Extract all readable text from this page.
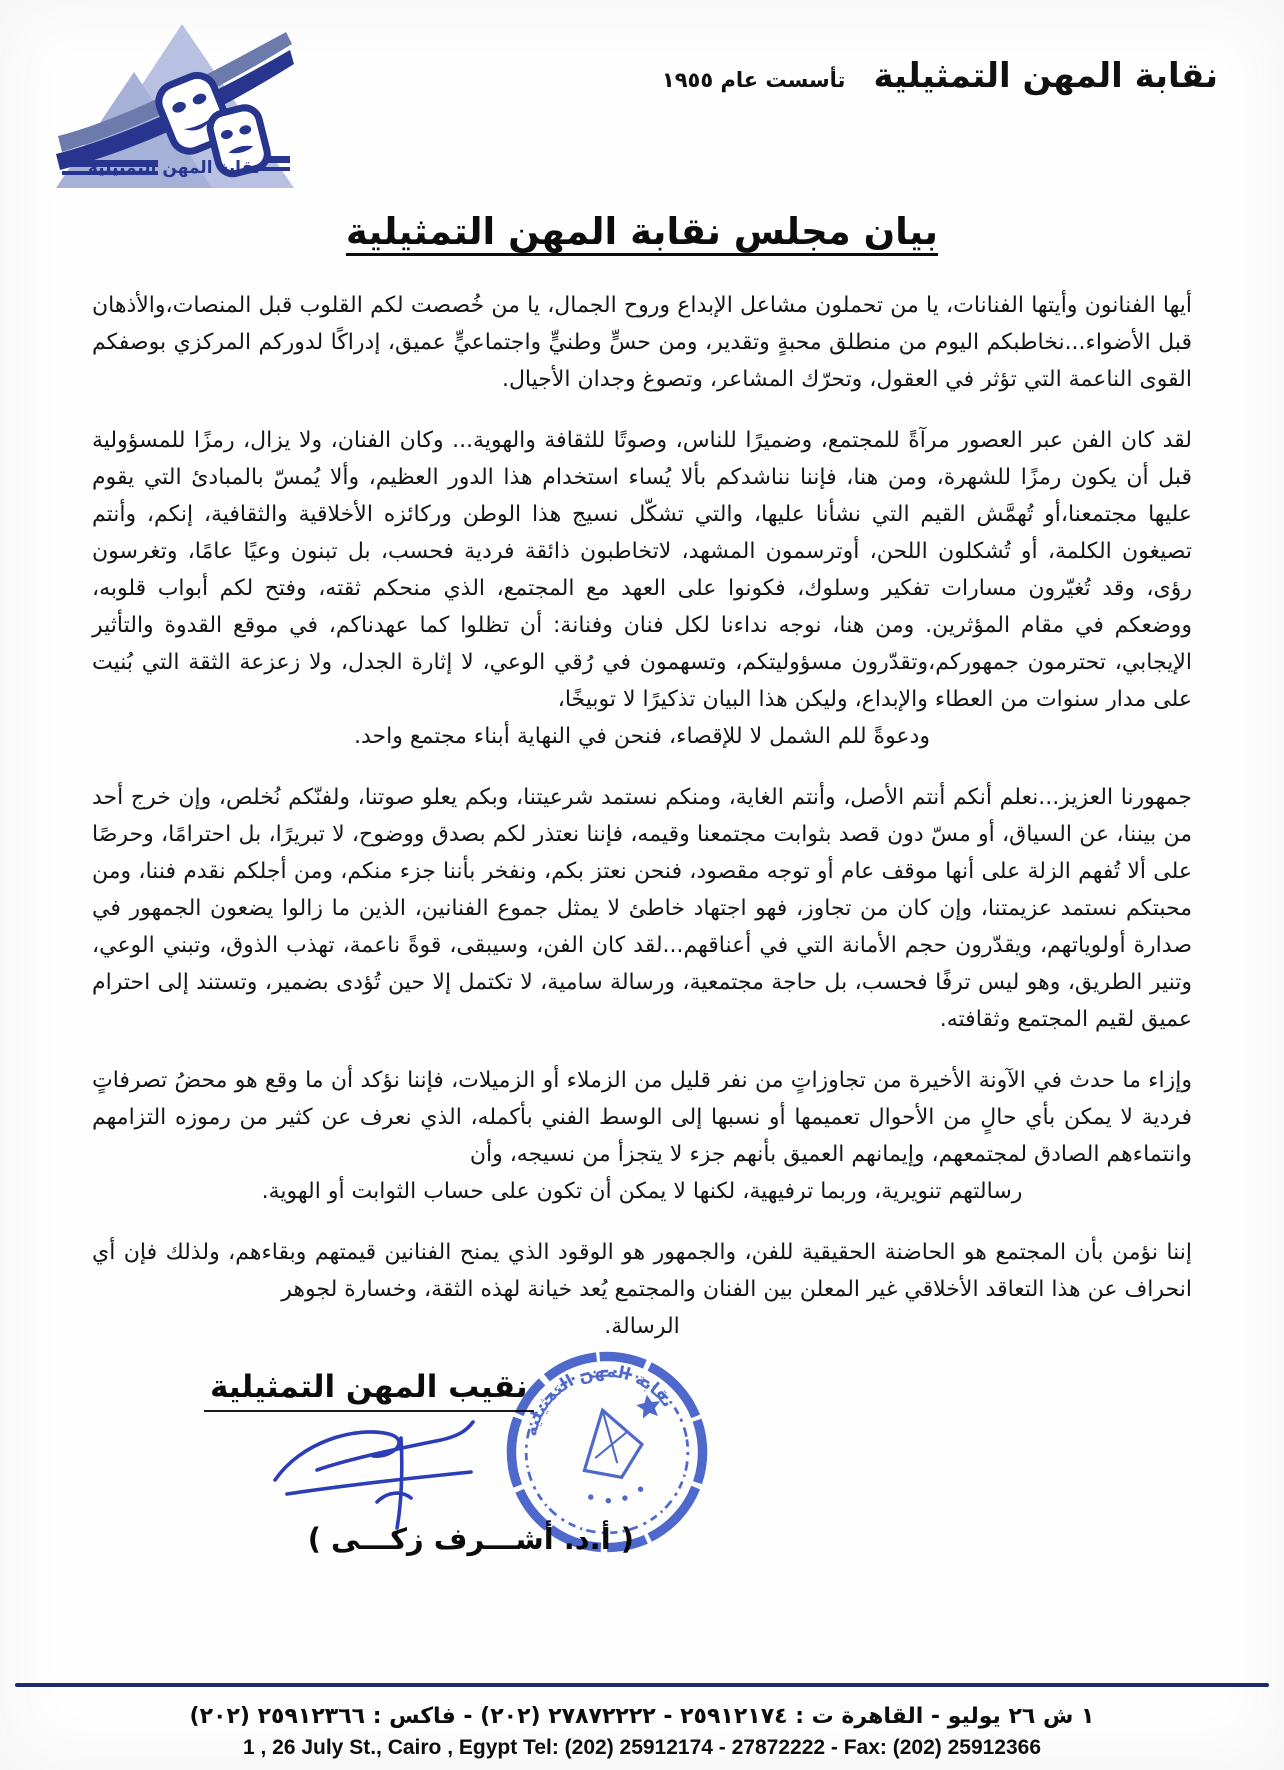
نقابة المهن التمثيلية
نقابة المهن التمثيلية
تأسست عام ١٩٥٥
بيان مجلس نقابة المهن التمثيلية
أيها الفنانون وأيتها الفنانات، يا من تحملون مشاعل الإبداع وروح الجمال، يا من خُصصت لكم القلوب قبل المنصات،والأذهان قبل الأضواء...نخاطبكم اليوم من منطلق محبةٍ وتقدير، ومن حسٍّ وطنيٍّ واجتماعيٍّ عميق، إدراكًا لدوركم المركزي بوصفكم القوى الناعمة التي تؤثر في العقول، وتحرّك المشاعر، وتصوغ وجدان الأجيال.
لقد كان الفن عبر العصور مرآةً للمجتمع، وضميرًا للناس، وصوتًا للثقافة والهوية... وكان الفنان، ولا يزال، رمزًا للمسؤولية قبل أن يكون رمزًا للشهرة، ومن هنا، فإننا نناشدكم بألا يُساء استخدام هذا الدور العظيم، وألا يُمسّ بالمبادئ التي يقوم عليها مجتمعنا،أو تُهمَّش القيم التي نشأنا عليها، والتي تشكّل نسيج هذا الوطن وركائزه الأخلاقية والثقافية، إنكم، وأنتم تصيغون الكلمة، أو تُشكلون اللحن، أوترسمون المشهد، لاتخاطبون ذائقة فردية فحسب، بل تبنون وعيًا عامًا، وتغرسون رؤى، وقد تُغيّرون مسارات تفكير وسلوك، فكونوا على العهد مع المجتمع، الذي منحكم ثقته، وفتح لكم أبواب قلوبه، ووضعكم في مقام المؤثرين. ومن هنا، نوجه نداءنا لكل فنان وفنانة: أن تظلوا كما عهدناكم، في موقع القدوة والتأثير الإيجابي، تحترمون جمهوركم،وتقدّرون مسؤوليتكم، وتسهمون في رُقي الوعي، لا إثارة الجدل، ولا زعزعة الثقة التي بُنيت على مدار سنوات من العطاء والإبداع، وليكن هذا البيان تذكيرًا لا توبيخًا،
ودعوةً للم الشمل لا للإقصاء، فنحن في النهاية أبناء مجتمع واحد.
جمهورنا العزيز...نعلم أنكم أنتم الأصل، وأنتم الغاية، ومنكم نستمد شرعيتنا، وبكم يعلو صوتنا، ولفنّكم نُخلص، وإن خرج أحد من بيننا، عن السياق، أو مسّ دون قصد بثوابت مجتمعنا وقيمه، فإننا نعتذر لكم بصدق ووضوح، لا تبريرًا، بل احترامًا، وحرصًا على ألا تُفهم الزلة على أنها موقف عام أو توجه مقصود، فنحن نعتز بكم، ونفخر بأننا جزء منكم، ومن أجلكم نقدم فننا، ومن محبتكم نستمد عزيمتنا، وإن كان من تجاوز، فهو اجتهاد خاطئ لا يمثل جموع الفنانين، الذين ما زالوا يضعون الجمهور في صدارة أولوياتهم، ويقدّرون حجم الأمانة التي في أعناقهم...لقد كان الفن، وسيبقى، قوةً ناعمة، تهذب الذوق، وتبني الوعي، وتنير الطريق، وهو ليس ترفًا فحسب، بل حاجة مجتمعية، ورسالة سامية، لا تكتمل إلا حين تُؤدى بضمير، وتستند إلى احترام عميق لقيم المجتمع وثقافته.
وإزاء ما حدث في الآونة الأخيرة من تجاوزاتٍ من نفر قليل من الزملاء أو الزميلات، فإننا نؤكد أن ما وقع هو محضُ تصرفاتٍ فردية لا يمكن بأي حالٍ من الأحوال تعميمها أو نسبها إلى الوسط الفني بأكمله، الذي نعرف عن كثير من رموزه التزامهم وانتماءهم الصادق لمجتمعهم، وإيمانهم العميق بأنهم جزء لا يتجزأ من نسيجه، وأن
رسالتهم تنويرية، وربما ترفيهية، لكنها لا يمكن أن تكون على حساب الثوابت أو الهوية.
إننا نؤمن بأن المجتمع هو الحاضنة الحقيقية للفن، والجمهور هو الوقود الذي يمنح الفنانين قيمتهم وبقاءهم، ولذلك فإن أي انحراف عن هذا التعاقد الأخلاقي غير المعلن بين الفنان والمجتمع يُعد خيانة لهذه الثقة، وخسارة لجوهر
الرسالة.
نقيب المهن التمثيلية
( أ.د. أشـــرف زكـــى )
نقابة المهن التمثيلية
١ ش ٢٦ يوليو - القاهرة ت : ٢٥٩١٢١٧٤ - ٢٧٨٧٢٢٢٢ (٢٠٢) - فاكس : ٢٥٩١٢٣٦٦ (٢٠٢)
1 , 26 July St., Cairo , Egypt Tel: (202) 25912174 - 27872222 - Fax: (202) 25912366
